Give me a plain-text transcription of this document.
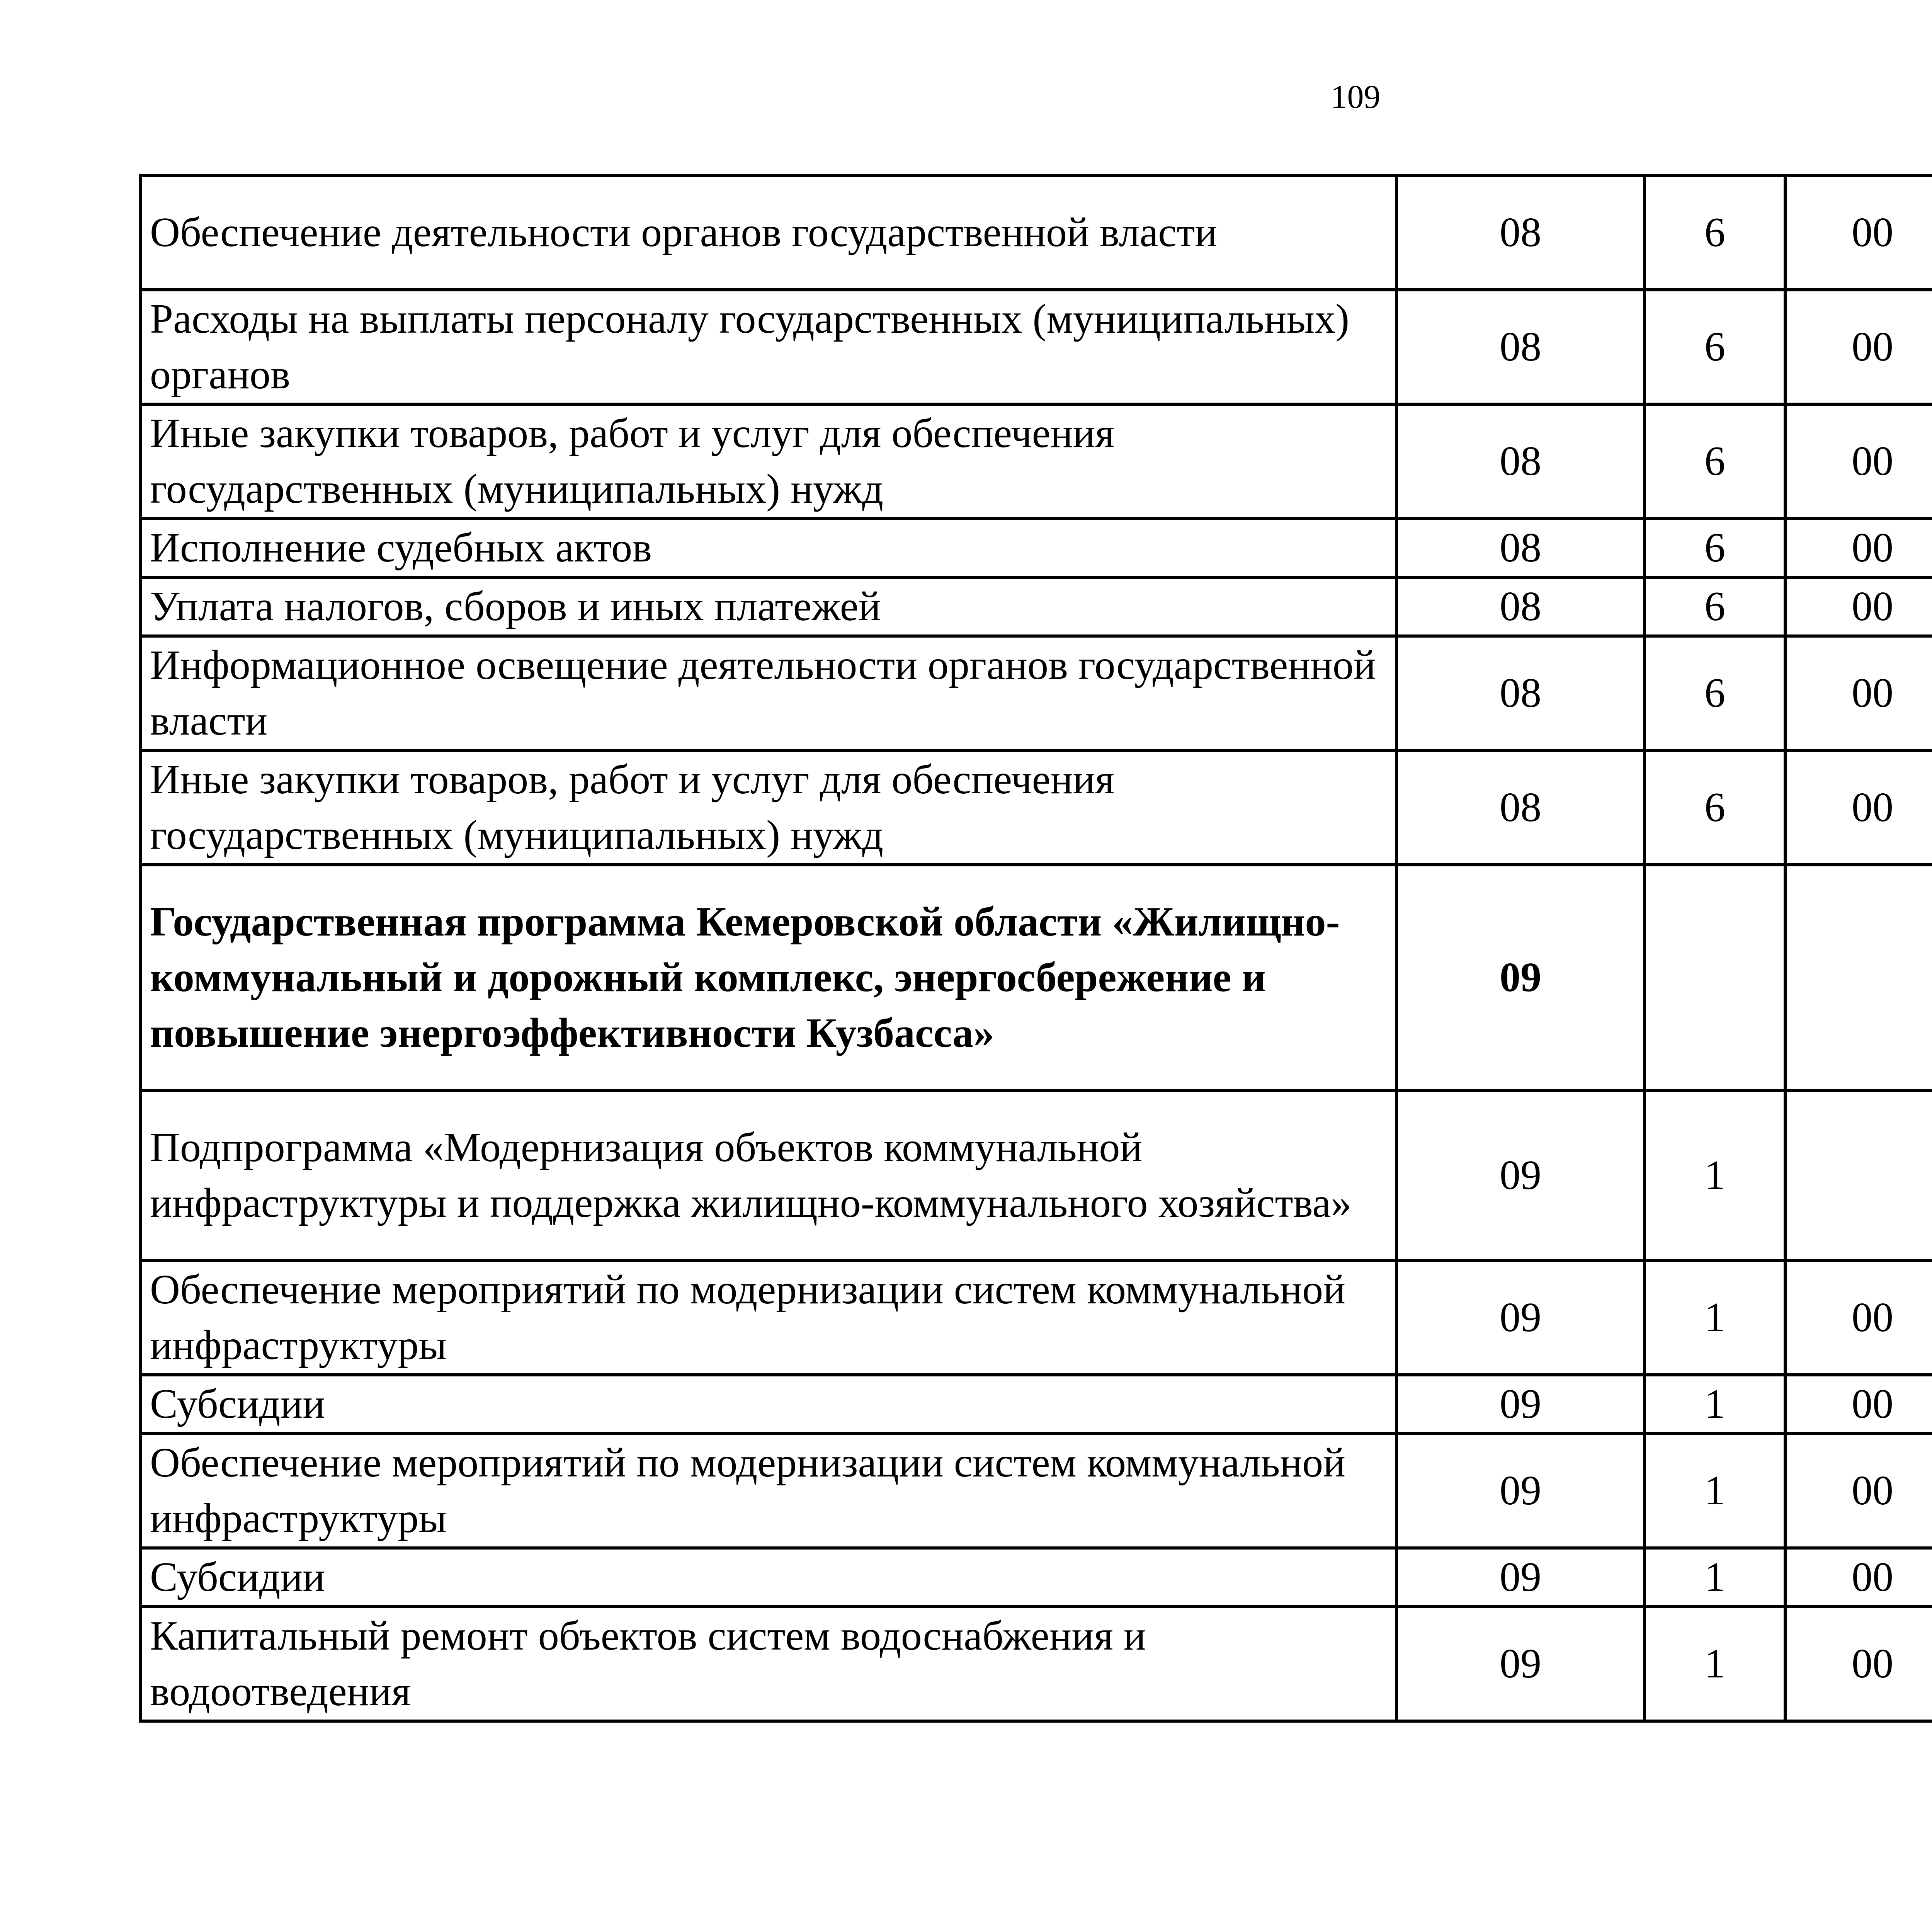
109
Обеспечение деятельности органов государственной власти	08	6	00			
Расходы на выплаты персоналу государственных (муниципальных) органов	08	6	00			
Иные закупки товаров, работ и услуг для обеспечения государственных (муниципальных) нужд	08	6	00			
Исполнение судебных актов	08	6	00			
Уплата налогов, сборов и иных платежей	08	6	00			
Информационное освещение деятельности органов государственной власти	08	6	00			
Иные закупки товаров, работ и услуг для обеспечения государственных (муниципальных) нужд	08	6	00			
Государственная программа Кемеровской области «Жилищно-коммунальный и дорожный комплекс, энергосбережение и повышение энергоэффективности Кузбасса»	09					
Подпрограмма «Модернизация объектов коммунальной инфраструктуры и поддержка жилищно-коммунального хозяйства»	09	1				
Обеспечение мероприятий по модернизации систем коммунальной инфраструктуры	09	1	00			
Субсидии	09	1	00			
Обеспечение мероприятий по модернизации систем коммунальной инфраструктуры	09	1	00			
Субсидии	09	1	00			
Капитальный ремонт объектов систем водоснабжения и водоотведения	09	1	00			
